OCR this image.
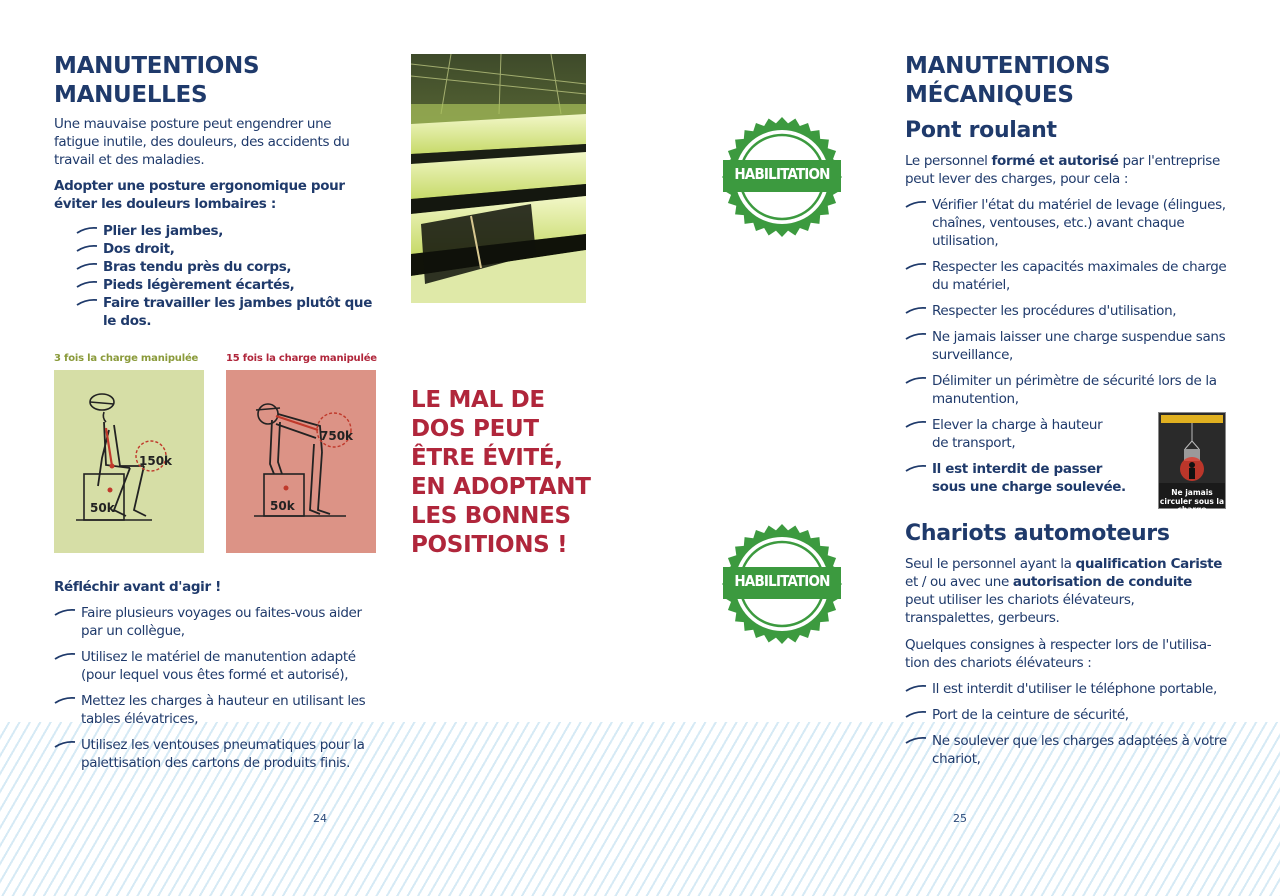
MANUTENTIONS
MANUELLES

Une mauvaise posture peut engendrer une fatigue inutile, des douleurs, des accidents du travail et des maladies.

Adopter une posture ergonomique pour éviter les douleurs lombaires :

Plier les jambes,
Dos droit,
Bras tendu près du corps,
Pieds légèrement écartés,
Faire travailler les jambes plutôt que le dos.
3 fois la charge manipulée	15 fois la charge manipulée
150k
50k
750k
50k

Réfléchir avant d'agir !

Faire plusieurs voyages ou faites-vous aider par un collègue,
Utilisez le matériel de manutention adapté (pour lequel vous êtes formé et autorisé),
Mettez les charges à hauteur en utilisant les tables élévatrices,
Utilisez les ventouses pneumatiques pour la palettisation des cartons de produits finis.
24
LE MAL DE
DOS PEUT
ÊTRE ÉVITÉ,
EN ADOPTANT
LES BONNES
POSITIONS !
HABILITATION
HABILITATION
MANUTENTIONS
MÉCANIQUES
Pont roulant

Le personnel formé et autorisé par l'entreprise peut lever des charges, pour cela :

Vérifier l'état du matériel de levage (élingues, chaînes, ventouses, etc.) avant chaque utilisation,
Respecter les capacités maximales de charge du matériel,
Respecter les procédures d'utilisation,
Ne jamais laisser une charge suspendue sans surveillance,
Délimiter un périmètre de sécurité lors de la manutention,
Elever la charge à hauteur de transport,
Il est interdit de passer sous une charge soulevée.	Ne jamais circuler sous la charge
Chariots automoteurs

Seul le personnel ayant la qualification Cariste et / ou avec une autorisation de conduite peut utiliser les chariots élévateurs, transpalettes, gerbeurs.

Quelques consignes à respecter lors de l'utilisa-tion des chariots élévateurs :

Il est interdit d'utiliser le téléphone portable,
Port de la ceinture de sécurité,
Ne soulever que les charges adaptées à votre chariot,
25
